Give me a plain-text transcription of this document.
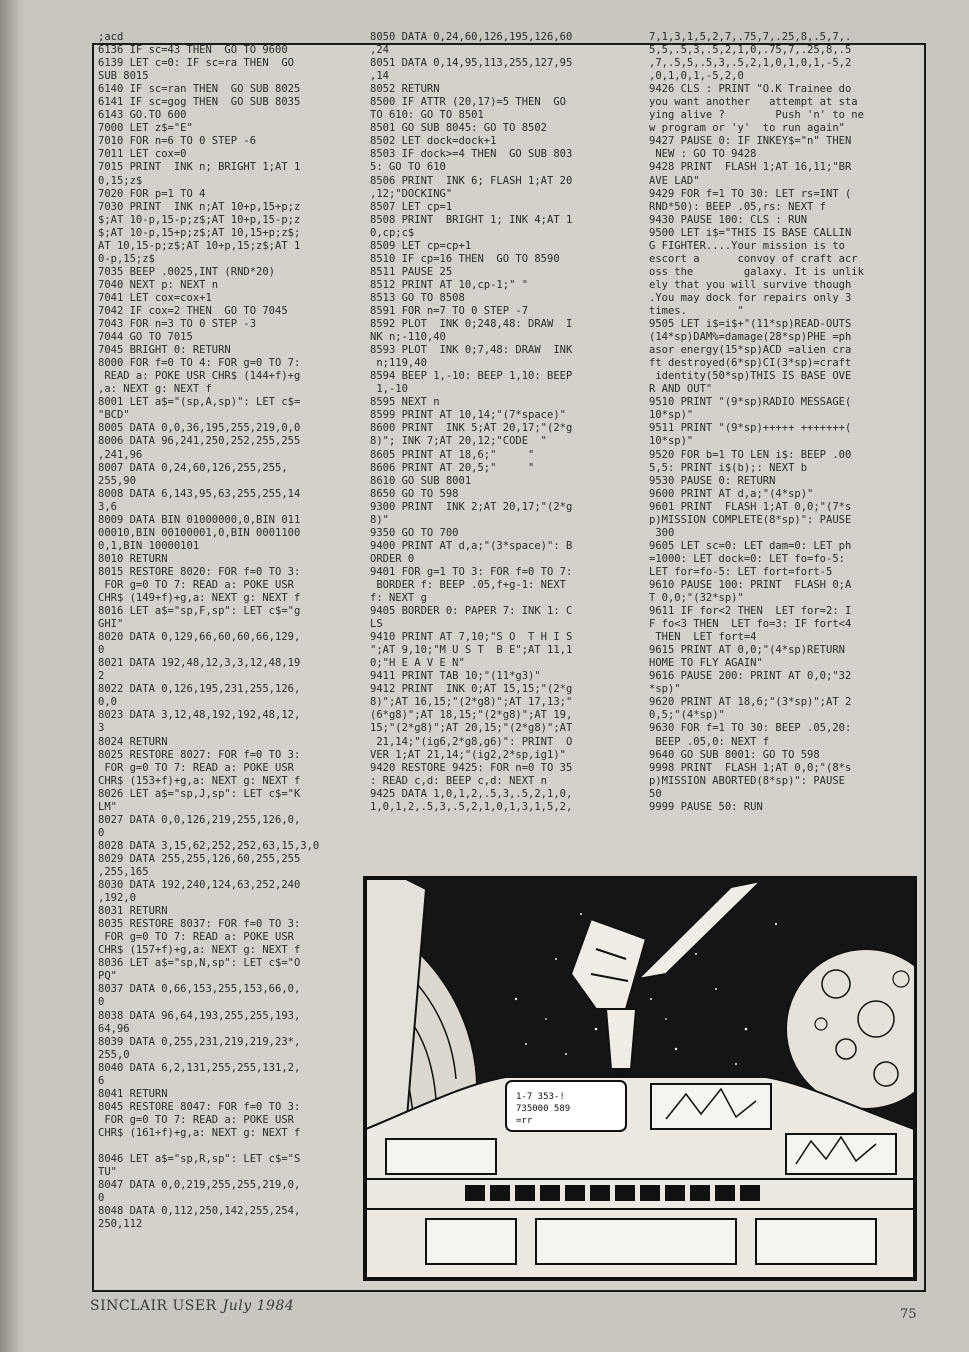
;acd
6136 IF sc=43 THEN  GO TO 9600
6139 LET c=0: IF sc=ra THEN  GO
SUB 8015
6140 IF sc=ran THEN  GO SUB 8025
6141 IF sc=gog THEN  GO SUB 8035
6143 GO.TO 600
7000 LET z$="E"
7010 FOR n=6 TO 0 STEP -6
7011 LET cox=0
7015 PRINT  INK n; BRIGHT 1;AT 1
0,15;z$
7020 FOR p=1 TO 4
7030 PRINT  INK n;AT 10+p,15+p;z
$;AT 10-p,15-p;z$;AT 10+p,15-p;z
$;AT 10-p,15+p;z$;AT 10,15+p;z$;
AT 10,15-p;z$;AT 10+p,15;z$;AT 1
0-p,15;z$
7035 BEEP .0025,INT (RND*20)
7040 NEXT p: NEXT n
7041 LET cox=cox+1
7042 IF cox=2 THEN  GO TO 7045
7043 FOR n=3 TO 0 STEP -3
7044 GO TO 7015
7045 BRIGHT 0: RETURN
8000 FOR f=0 TO 4: FOR g=0 TO 7:
READ a: POKE USR CHR$ (144+f)+g
,a: NEXT g: NEXT f
8001 LET a$="(sp,A,sp)": LET c$=
"BCD"
8005 DATA 0,0,36,195,255,219,0,0
8006 DATA 96,241,250,252,255,255
,241,96
8007 DATA 0,24,60,126,255,255,
255,90
8008 DATA 6,143,95,63,255,255,14
3,6
8009 DATA BIN 01000000,0,BIN 011
00010,BIN 00100001,0,BIN 0001100
0,1,BIN 10000101
8010 RETURN
8015 RESTORE 8020: FOR f=0 TO 3:
FOR g=0 TO 7: READ a: POKE USR
CHR$ (149+f)+g,a: NEXT g: NEXT f
8016 LET a$="sp,F,sp": LET c$="g
GHI"
8020 DATA 0,129,66,60,60,66,129,
0
8021 DATA 192,48,12,3,3,12,48,19
2
8022 DATA 0,126,195,231,255,126,
0,0
8023 DATA 3,12,48,192,192,48,12,
3
8024 RETURN
8025 RESTORE 8027: FOR f=0 TO 3:
FOR g=0 TO 7: READ a: POKE USR
CHR$ (153+f)+g,a: NEXT g: NEXT f
8026 LET a$="sp,J,sp": LET c$="K
LM"
8027 DATA 0,0,126,219,255,126,0,
0
8028 DATA 3,15,62,252,252,63,15,3,0
8029 DATA 255,255,126,60,255,255
,255,165
8030 DATA 192,240,124,63,252,240
,192,0
8031 RETURN
8035 RESTORE 8037: FOR f=0 TO 3:
FOR g=0 TO 7: READ a: POKE USR
CHR$ (157+f)+g,a: NEXT g: NEXT f
8036 LET a$="sp,N,sp": LET c$="O
PQ"
8037 DATA 0,66,153,255,153,66,0,
0
8038 DATA 96,64,193,255,255,193,
64,96
8039 DATA 0,255,231,219,219,23*,
255,0
8040 DATA 6,2,131,255,255,131,2,
6
8041 RETURN
8045 RESTORE 8047: FOR f=0 TO 3:
FOR g=0 TO 7: READ a: POKE USR
CHR$ (161+f)+g,a: NEXT g: NEXT f

8046 LET a$="sp,R,sp": LET c$="S
TU"
8047 DATA 0,0,219,255,255,219,0,
0
8048 DATA 0,112,250,142,255,254,
250,112
8050 DATA 0,24,60,126,195,126,60
,24
8051 DATA 0,14,95,113,255,127,95
,14
8052 RETURN
8500 IF ATTR (20,17)=5 THEN  GO
TO 610: GO TO 8501
8501 GO SUB 8045: GO TO 8502
8502 LET dock=dock+1
8503 IF dock>=4 THEN  GO SUB 803
5: GO TO 610
8506 PRINT  INK 6; FLASH 1;AT 20
,12;"DOCKING"
8507 LET cp=1
8508 PRINT  BRIGHT 1; INK 4;AT 1
0,cp;c$
8509 LET cp=cp+1
8510 IF cp=16 THEN  GO TO 8590
8511 PAUSE 25
8512 PRINT AT 10,cp-1;" "
8513 GO TO 8508
8591 FOR n=7 TO 0 STEP -7
8592 PLOT  INK 0;248,48: DRAW  I
NK n;-110,40
8593 PLOT  INK 0;7,48: DRAW  INK
n;119,40
8594 BEEP 1,-10: BEEP 1,10: BEEP
1,-10
8595 NEXT n
8599 PRINT AT 10,14;"(7*space)"
8600 PRINT  INK 5;AT 20,17;"(2*g
8)"; INK 7;AT 20,12;"CODE  "
8605 PRINT AT 18,6;"     "
8606 PRINT AT 20,5;"     "
8610 GO SUB 8001
8650 GO TO 598
9300 PRINT  INK 2;AT 20,17;"(2*g
8)"
9350 GO TO 700
9400 PRINT AT d,a;"(3*space)": B
ORDER 0
9401 FOR g=1 TO 3: FOR f=0 TO 7:
BORDER f: BEEP .05,f+g-1: NEXT
f: NEXT g
9405 BORDER 0: PAPER 7: INK 1: C
LS
9410 PRINT AT 7,10;"S O  T H I S
";AT 9,10;"M U S T  B E";AT 11,1
0;"H E A V E N"
9411 PRINT TAB 10;"(11*g3)"
9412 PRINT  INK 0;AT 15,15;"(2*g
8)";AT 16,15;"(2*g8)";AT 17,13;"
(6*g8)";AT 18,15;"(2*g8)";AT 19,
15;"(2*g8)";AT 20,15;"(2*g8)";AT
21,14;"(ig6,2*g8,g6)": PRINT  O
VER 1;AT 21,14;"(ig2,2*sp,ig1)"
9420 RESTORE 9425: FOR n=0 TO 35
: READ c,d: BEEP c,d: NEXT n
9425 DATA 1,0,1,2,.5,3,.5,2,1,0,
1,0,1,2,.5,3,.5,2,1,0,1,3,1,5,2,
7,1,3,1,5,2,7,.75,7,.25,8,.5,7,.
5,5,.5,3,.5,2,1,0,.75,7,.25,8,.5
,7,.5,5,.5,3,.5,2,1,0,1,0,1,-5,2
,0,1,0,1,-5,2,0
9426 CLS : PRINT "O.K Trainee do
you want another   attempt at sta
ying alive ?        Push 'n' to ne
w program or 'y'  to run again"
9427 PAUSE 0: IF INKEY$="n" THEN
NEW : GO TO 9428
9428 PRINT  FLASH 1;AT 16,11;"BR
AVE LAD"
9429 FOR f=1 TO 30: LET rs=INT (
RND*50): BEEP .05,rs: NEXT f
9430 PAUSE 100: CLS : RUN
9500 LET i$="THIS IS BASE CALLIN
G FIGHTER....Your mission is to
escort a      convoy of craft acr
oss the        galaxy. It is unlik
ely that you will survive though
.You may dock for repairs only 3
times.        "
9505 LET i$=i$+"(11*sp)READ-OUTS
(14*sp)DAM%=damage(28*sp)PHE =ph
asor energy(15*sp)ACD =alien cra
ft destroyed(6*sp)CI(3*sp)=craft
identity(50*sp)THIS IS BASE OVE
R AND OUT"
9510 PRINT "(9*sp)RADIO MESSAGE(
10*sp)"
9511 PRINT "(9*sp)+++++ +++++++(
10*sp)"
9520 FOR b=1 TO LEN i$: BEEP .00
5,5: PRINT i$(b);: NEXT b
9530 PAUSE 0: RETURN
9600 PRINT AT d,a;"(4*sp)"
9601 PRINT  FLASH 1;AT 0,0;"(7*s
p)MISSION COMPLETE(8*sp)": PAUSE
300
9605 LET sc=0: LET dam=0: LET ph
=1000: LET dock=0: LET fo=fo-5:
LET for=fo-5: LET fort=fort-5
9610 PAUSE 100: PRINT  FLASH 0;A
T 0,0;"(32*sp)"
9611 IF for<2 THEN  LET for=2: I
F fo<3 THEN  LET fo=3: IF fort<4
THEN  LET fort=4
9615 PRINT AT 0,0;"(4*sp)RETURN
HOME TO FLY AGAIN"
9616 PAUSE 200: PRINT AT 0,0;"32
*sp)"
9620 PRINT AT 18,6;"(3*sp)";AT 2
0,5;"(4*sp)"
9630 FOR f=1 TO 30: BEEP .05,20:
BEEP .05,0: NEXT f
9640 GO SUB 8001: GO TO 598
9998 PRINT  FLASH 1;AT 0,0;"(8*s
p)MISSION ABORTED(8*sp)": PAUSE
50
9999 PAUSE 50: RUN
1-7 353-!
735000 589
=rr
SINCLAIR USER July 1984
75
